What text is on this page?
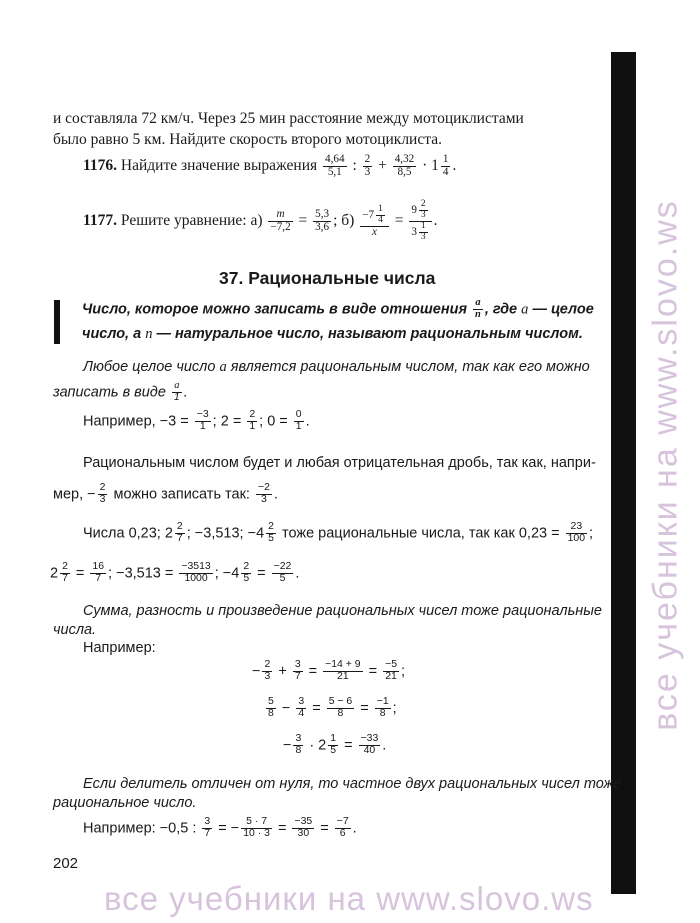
все учебники на www.slovo.ws
и составляла 72 км/ч. Через 25 мин расстояние между мотоциклистами
было равно 5 км. Найдите скорость второго мотоциклиста.
1176. Найдите значение выражения $\frac{4,64}{5,1}$ : $\frac{2}{3} + \frac{4,32}{8,5} \cdot 1 \frac{1}{4}$ .
1177. Решите уравнение: $а) \frac{m}{-7,2} = \frac{5,3}{3,6}$ ; $б) \frac{-7 \frac{1}{4}}{x} = \frac{9 \frac{2}{3}}{3 \frac{1}{3}}$ .
37. Рациональные числа
Число, которое можно записать в виде отношения $\frac{a}{n}$ , где a — целое
число, а n — натуральное число, называют рациональным числом.
Любое целое число a является рациональным числом, так как его можно
записать в виде $\frac{a}{1}$ .
Например, $-3 = \frac{-3}{1}$ ; $2 = \frac{2}{1}$ ; $0 = \frac{0}{1}$ .
Рациональным числом будет и любая отрицательная дробь, так как, напри-
мер, − $\frac{2}{3}$ можно записать так: $\frac{-2}{3}$ .
Числа 0,23; $2 \frac{2}{7}$ ; −3,513; $-4 \frac{2}{5}$ тоже рациональные числа, так как $0,23 = \frac{23}{100}$ ;
$2 \frac{2}{7} = \frac{16}{7}$ ; $-3,513 = \frac{-3513}{1000}$ ; $-4 \frac{2}{5} = \frac{-22}{5}$ .
Сумма, разность и произведение рациональных чисел тоже рациональные
числа.
Например:
− $\frac{2}{3} + \frac{3}{7} = \frac{-14 + 9}{21} = \frac{-5}{21}$ ;
$\frac{5}{8} - \frac{3}{4} = \frac{5 - 6}{8} = \frac{-1}{8}$ ;
− $\frac{3}{8} \cdot 2 \frac{1}{5} = \frac{-33}{40}$ .
Если делитель отличен от нуля, то частное двух рациональных чисел тоже
рациональное число.
Например: −0,5 : $\frac{3}{7}$ = − $\frac{5 \cdot 7}{10 \cdot 3} = \frac{-35}{30} = \frac{-7}{6}$ .
202
все учебники на www.slovo.ws
